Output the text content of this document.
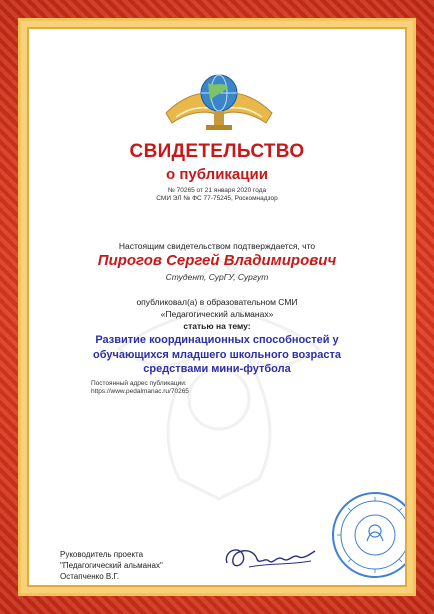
СВИДЕТЕЛЬСТВО
о публикации
№ 70265 от 21 января 2020 года
СМИ ЭЛ № ФС 77-75245, Роскомнадзор
Настоящим свидетельством подтверждается, что
Пирогов Сергей Владимирович
Студент, СурГУ, Сургут
опубликовал(а) в образовательном СМИ
«Педагогический альманах»
статью на тему:
Развитие координационных способностей у
обучающихся младшего школьного возраста
средствами мини-футбола
Постоянный адрес публикации:
https://www.pedalmanac.ru/70265
Руководитель проекта
"Педагогический альманах"
Остапченко В.Г.
